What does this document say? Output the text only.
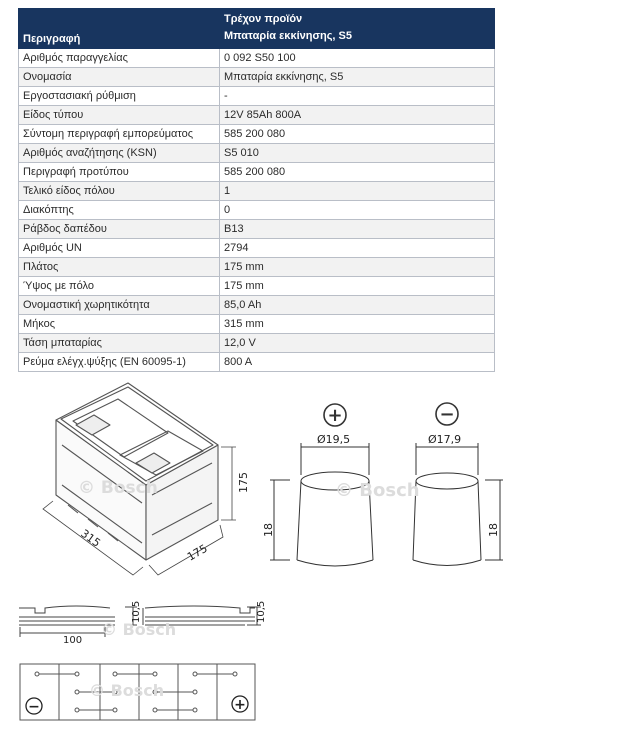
Περιγραφή	Τρέχον προϊόν
Μπαταρία εκκίνησης, S5

Αριθμός παραγγελίας	0 092 S50 100
Ονομασία	Μπαταρία εκκίνησης, S5
Εργοστασιακή ρύθμιση	-
Είδος τύπου	12V 85Ah 800A
Σύντομη περιγραφή εμπορεύματος	585 200 080
Αριθμός αναζήτησης (KSN)	S5 010
Περιγραφή προτύπου	585 200 080
Τελικό είδος πόλου	1
Διακόπτης	0
Ράβδος δαπέδου	B13
Αριθμός UN	2794
Πλάτος	175 mm
Ύψος με πόλο	175 mm
Ονομαστική χωρητικότητα	85,0 Ah
Μήκος	315 mm
Τάση μπαταρίας	12,0 V
Ρεύμα ελέγχ.ψύξης (EN 60095-1)	800 A
315
175
175
© Bosch
+	−
Ø19,5
18
Ø17,9
18
© Bosch
100
10,5	10,5
© Bosch
−	+
© Bosch
